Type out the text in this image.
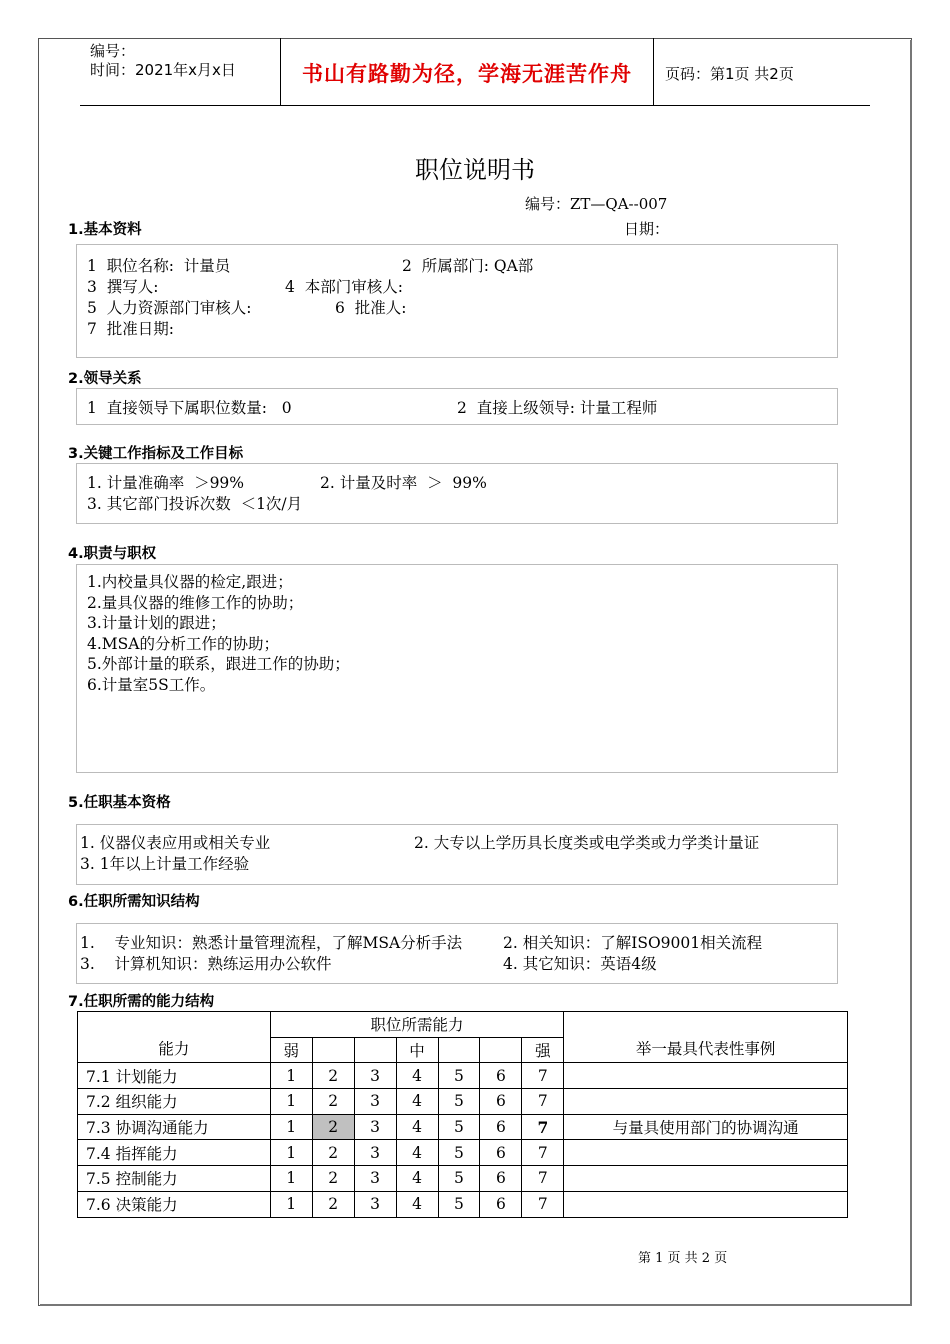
编号：
时间：2021年x月x日	书山有路勤为径，学海无涯苦作舟	页码：第1页 共2页
职位说明书
编号：ZT—QA--007
日期：
1.基本资料
1  职位名称:  计量员	2  所属部门: QA部
3  撰写人:	4  本部门审核人:
5  人力资源部门审核人:	6  批准人:
7  批准日期:
2.领导关系
1  直接领导下属职位数量:   0	2  直接上级领导: 计量工程师
3.关键工作指标及工作目标
1. 计量准确率  ＞99%	2. 计量及时率  ＞  99%
3. 其它部门投诉次数  ＜1次/月
4.职责与职权
1.内校量具仪器的检定,跟进；
2.量具仪器的维修工作的协助；
3.计量计划的跟进；
4.MSA的分析工作的协助；
5.外部计量的联系，跟进工作的协助；
6.计量室5S工作。
5.任职基本资格
1. 仪器仪表应用或相关专业	2. 大专以上学历具长度类或电学类或力学类计量证
3. 1年以上计量工作经验
6.任职所需知识结构
1.    专业知识：熟悉计量管理流程，了解MSA分析手法	2. 相关知识：了解ISO9001相关流程
3.    计算机知识：熟练运用办公软件	4. 其它知识：英语4级
7.任职所需的能力结构
能力	职位所需能力							举一最具代表性事例
	弱			中			强	
7.1 计划能力	1	2	3	4	5	6	7	
7.2 组织能力	1	2	3	4	5	6	7	
7.3 协调沟通能力	1	2	3	4	5	6	7	与量具使用部门的协调沟通
7.4 指挥能力	1	2	3	4	5	6	7	
7.5 控制能力	1	2	3	4	5	6	7	
7.6 决策能力	1	2	3	4	5	6	7	
第 1 页 共 2 页
